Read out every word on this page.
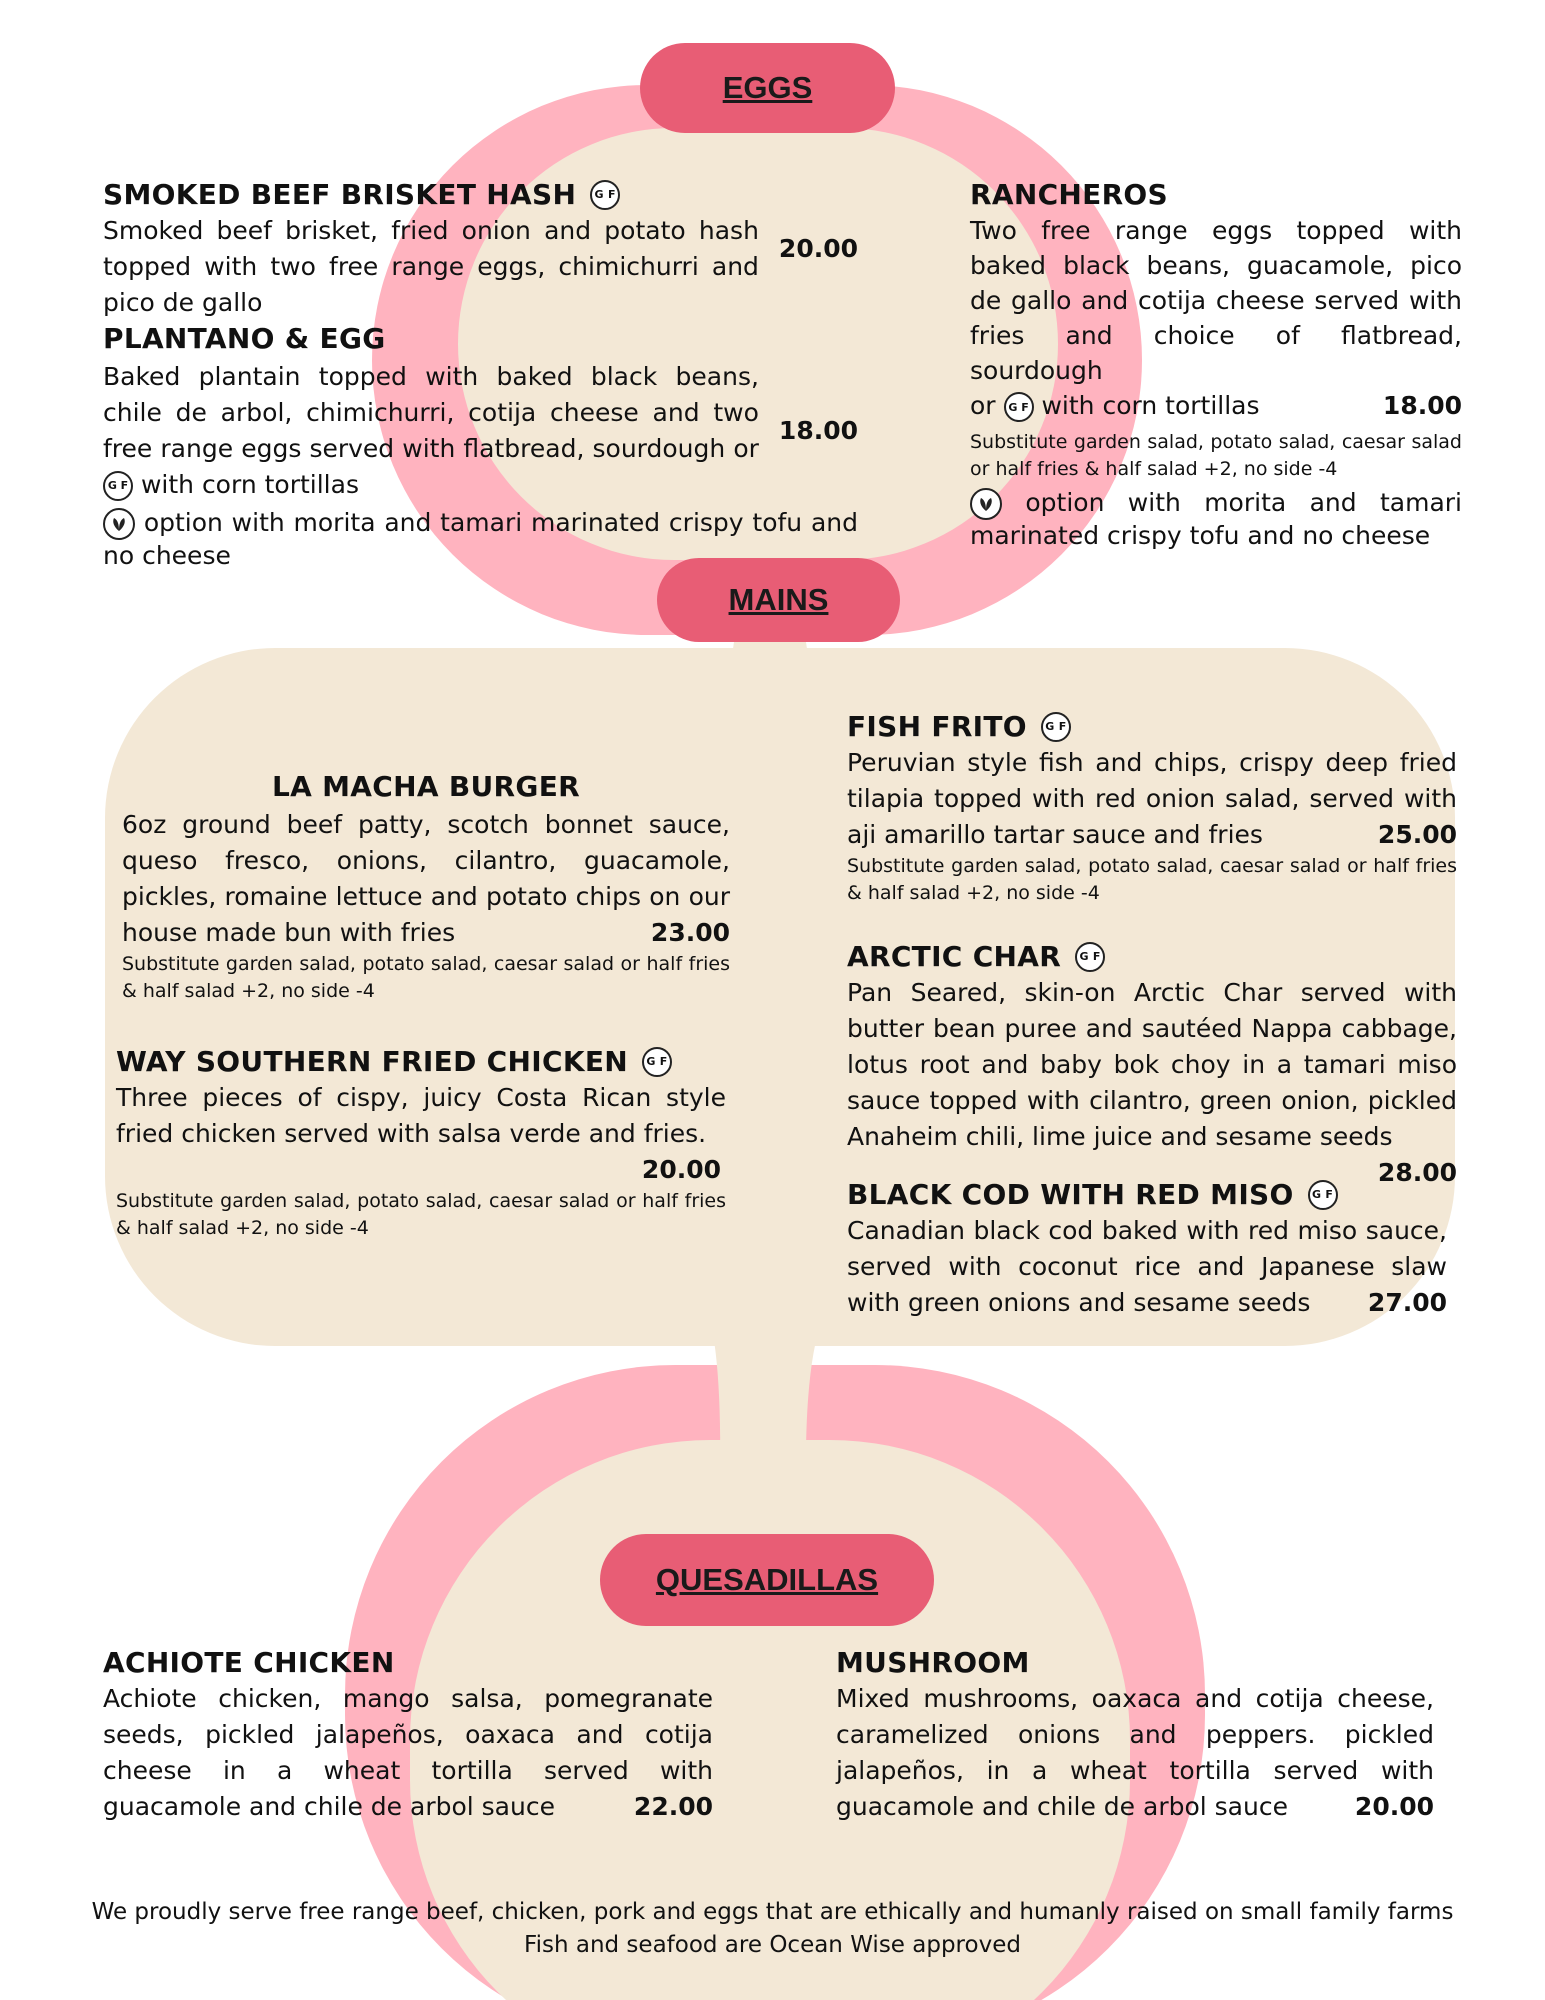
EGGS
MAINS
QUESADILLAS
SMOKED BEEF BRISKET HASH	G F
20.00
Smoked beef brisket, fried onion and potato hash topped with two free range eggs, chimichurri and pico de gallo
PLANTANO & EGG
18.00
Baked plantain topped with baked black beans, chile de arbol, chimichurri, cotija cheese and two free range eggs served with flatbread, sourdough or G F with corn tortillas
option with morita and tamari marinated crispy tofu and no cheese
RANCHEROS
Two free range eggs topped with baked black beans, guacamole, pico de gallo and cotija cheese served with fries and choice of flatbread, sourdough
18.00
or G F with corn tortillas
Substitute garden salad, potato salad, caesar salad or half fries & half salad +2, no side -4
option with morita and tamari marinated crispy tofu and no cheese
LA MACHA BURGER
6oz ground beef patty, scotch bonnet sauce, queso fresco, onions, cilantro, guacamole, pickles, romaine lettuce and potato chips on our house made bun with fries	23.00
Substitute garden salad, potato salad, caesar salad or half fries & half salad +2, no side -4
WAY SOUTHERN FRIED CHICKEN	G F
Three pieces of cispy, juicy Costa Rican style fried chicken served with salsa verde and fries.
20.00
Substitute garden salad, potato salad, caesar salad or half fries & half salad +2, no side -4
FISH FRITO	G F
Peruvian style fish and chips, crispy deep fried tilapia topped with red onion salad, served with aji amarillo tartar sauce and fries	25.00
Substitute garden salad, potato salad, caesar salad or half fries & half salad +2, no side -4
ARCTIC CHAR	G F
Pan Seared, skin-on Arctic Char served with butter bean puree and sautéed Nappa cabbage, lotus root and baby bok choy in a tamari miso sauce topped with cilantro, green onion, pickled Anaheim chili, lime juice and sesame seeds
28.00
BLACK COD WITH RED MISO	G F
Canadian black cod baked with red miso sauce, served with coconut rice and Japanese slaw with green onions and sesame seeds 27.00
ACHIOTE CHICKEN
Achiote chicken, mango salsa, pomegranate seeds, pickled jalapeños, oaxaca and cotija cheese in a wheat tortilla served with guacamole and chile de arbol sauce	22.00
MUSHROOM
Mixed mushrooms, oaxaca and cotija cheese, caramelized onions and peppers. pickled jalapeños, in a wheat tortilla served with guacamole and chile de arbol sauce	20.00
We proudly serve free range beef, chicken, pork and eggs that are ethically and humanly raised on small family farms
Fish and seafood are Ocean Wise approved
